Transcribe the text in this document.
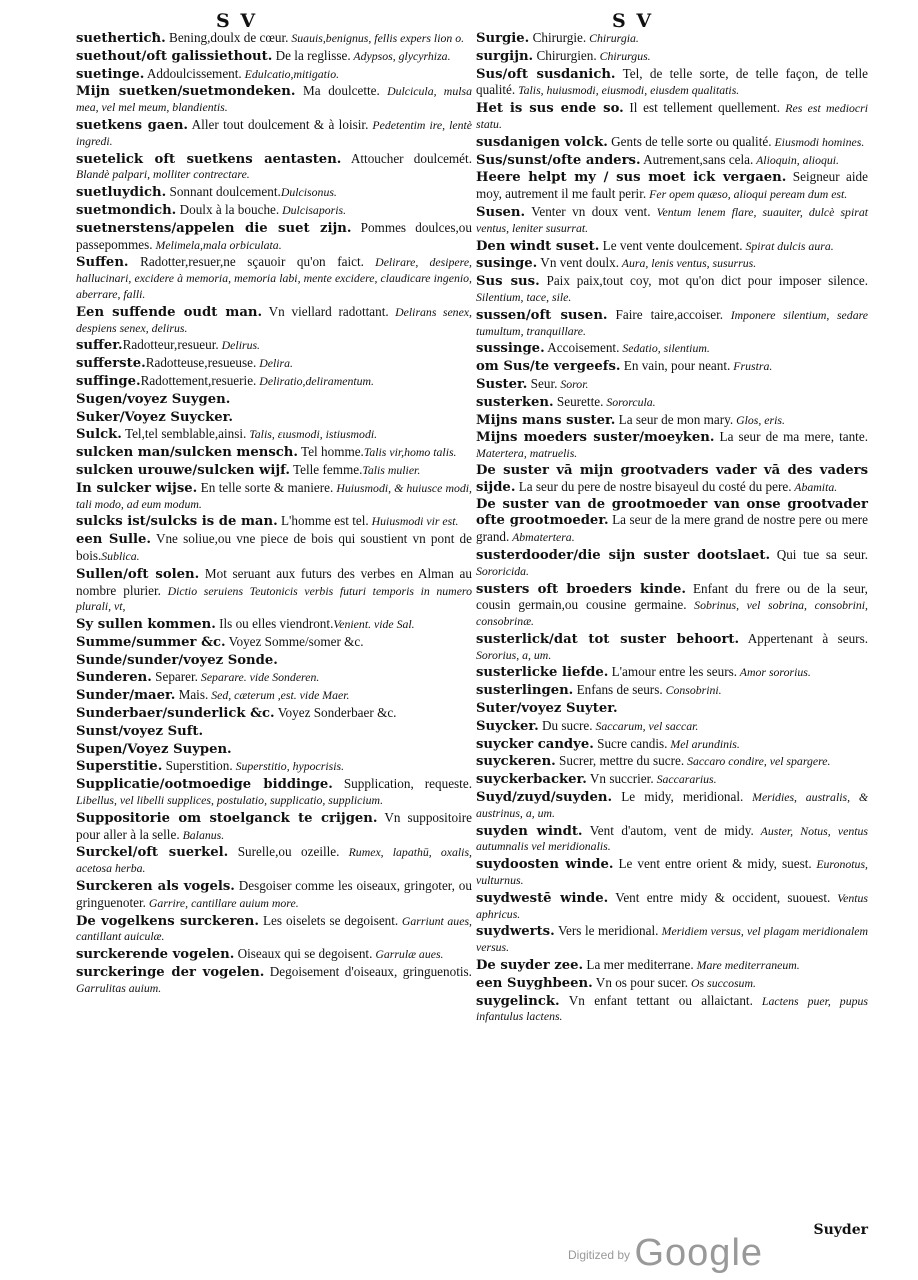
S V	S V

suetherticħ. Bening,doulx de cœur. Suauis,benignus, fellis expers lion o.

suethout/oft galissiethout. De la reglisse. Adypsos, glycyrhiza.

suetinge. Addoulcissement. Edulcatio,mitigatio.

Mijn suetken/suetmondeken. Ma doulcette. Dulcicula, mulsa mea, vel mel meum, blandientis.

suetkens gaen. Aller tout doulcement & à loisir. Pedetentim ire, lentè ingredi.

suetelick oft suetkens aentasten. Attoucher doulcemét. Blandè palpari, molliter contrectare.

suetluydich. Sonnant doulcement.Dulcisonus.

suetmondich. Doulx à la bouche. Dulcisaporis.

suetnerstens/appelen die suet zijn. Pommes doulces,ou passepommes. Melimela,mala orbiculata.

Suffen. Radotter,resuer,ne sçauoir qu'on faict. Delirare, desipere, hallucinari, excidere à memoria, memoria labi, mente excidere, claudicare ingenio, aberrare, falli.

Een suffende oudt man. Vn viellard radottant. Delirans senex, despiens senex, delirus.

suffer.Radotteur,resueur. Delirus.

sufferste.Radotteuse,resueuse. Delira.

suffinge.Radottement,resuerie. Deliratio,deliramentum.

Sugen/voyez Suygen.

Suker/Voyez Suycker.

Sulck. Tel,tel semblable,ainsi. Talis, ειusmodi, istiusmodi.

sulcken man/sulcken mensch. Tel homme.Talis vir,homo talis.

sulcken urouwe/sulcken wijf. Telle femme.Talis mulier.

In sulcker wijse. En telle sorte & maniere. Huiusmodi, & huiusce modi, tali modo, ad eum modum.

sulcks ist/sulcks is de man. L'homme est tel. Huiusmodi vir est.

een Sulle. Vne soliue,ou vne piece de bois qui soustient vn pont de bois.Sublica.

Sullen/oft solen. Mot seruant aux futurs des verbes en Alman au nombre plurier. Dictio seruiens Teutonicis verbis futuri temporis in numero plurali, vt,

Sy sullen kommen. Ils ou elles viendront.Venient. vide Sal.

Summe/summer &c. Voyez Somme/somer &c.

Sunde/sunder/voyez Sonde.

Sunderen. Separer. Separare. vide Sonderen.

Sunder/maer. Mais. Sed, cæterum ,est. vide Maer.

Sunderbaer/sunderlick &c. Voyez Sonderbaer &c.

Sunst/voyez Suft.

Supen/Voyez Suypen.

Superstitie. Superstition. Superstitio, hypocrisis.

Supplicatie/ootmoedige biddinge. Supplication, requeste. Libellus, vel libelli supplices, postulatio, supplicatio, supplicium.

Suppositorie om stoelganck te crijgen. Vn suppositoire pour aller à la selle. Balanus.

Surckel/oft suerkel. Surelle,ou ozeille. Rumex, lapathū, oxalis, acetosa herba.

Surckeren als vogels. Desgoiser comme les oiseaux, gringoter, ou gringuenoter. Garrire, cantillare auium more.

De vogelkens surckeren. Les oiselets se degoisent. Garriunt aues, cantillant auiculæ.

surckerende vogelen. Oiseaux qui se degoisent. Garrulæ aues.

surckeringe der vogelen. Degoisement d'oiseaux, gringuenotis. Garrulitas auium.

Surgie. Chirurgie. Chirurgia.

surgijn. Chirurgien. Chirurgus.

Sus/oft susdanich. Tel, de telle sorte, de telle façon, de telle qualité. Talis, huiusmodi, eiusmodi, eiusdem qualitatis.

Het is sus ende so. Il est tellement quellement. Res est mediocri statu.

susdanigen volck. Gents de telle sorte ou qualité. Eiusmodi homines.

Sus/sunst/ofte anders. Autrement,sans cela. Alioquin, alioqui.

Heere helpt my / sus moet ick vergaen. Seigneur aide moy, autrement il me fault perir. Fer opem quæso, alioqui peream dum est.

Susen. Venter vn doux vent. Ventum lenem flare, suauiter, dulcè spirat ventus, leniter susurrat.

Den windt suset. Le vent vente doulcement. Spirat dulcis aura.

susinge. Vn vent doulx. Aura, lenis ventus, susurrus.

Sus sus. Paix paix,tout coy, mot qu'on dict pour imposer silence. Silentium, tace, sile.

sussen/oft susen. Faire taire,accoiser. Imponere silentium, sedare tumultum, tranquillare.

sussinge. Accoisement. Sedatio, silentium.

om Sus/te vergeefs. En vain, pour neant. Frustra.

Suster. Seur. Soror.

susterken. Seurette. Sororcula.

Mijns mans suster. La seur de mon mary. Glos, eris.

Mijns moeders suster/moeyken. La seur de ma mere, tante. Matertera, matruelis.

De suster vā mijn grootvaders vader vā des vaders sijde. La seur du pere de nostre bisayeul du costé du pere. Abamita.

De suster van de grootmoeder van onse grootvader ofte grootmoeder. La seur de la mere grand de nostre pere ou mere grand. Abmatertera.

susterdooder/die sijn suster dootslaet. Qui tue sa seur. Sororicida.

susters oft broeders kinde. Enfant du frere ou de la seur, cousin germain,ou cousine germaine. Sobrinus, vel sobrina, consobrini, consobrinæ.

susterlick/dat tot suster behoort. Appertenant à seurs. Sororius, a, um.

susterlicke liefde. L'amour entre les seurs. Amor sororius.

susterlingen. Enfans de seurs. Consobrini.

Suter/voyez Suyter.

Suycker. Du sucre. Saccarum, vel saccar.

suycker candye. Sucre candis. Mel arundinis.

suyckeren. Sucrer, mettre du sucre. Saccaro condire, vel spargere.

suyckerbacker. Vn succrier. Saccararius.

Suyd/zuyd/suyden. Le midy, meridional. Meridies, australis, & austrinus, a, um.

suyden windt. Vent d'autom, vent de midy. Auster, Notus, ventus autumnalis vel meridionalis.

suydoosten winde. Le vent entre orient & midy, suest. Euronotus, vulturnus.

suydwestē winde. Vent entre midy & occident, suouest. Ventus aphricus.

suydwerts. Vers le meridional. Meridiem versus, vel plagam meridionalem versus.

De suyder zee. La mer mediterrane. Mare mediterraneum.

een Suyghbeen. Vn os pour sucer. Os succosum.

suygelinck. Vn enfant tettant ou allaictant. Lactens puer, pupus infantulus lactens.

Suyder
Digitized by Google
